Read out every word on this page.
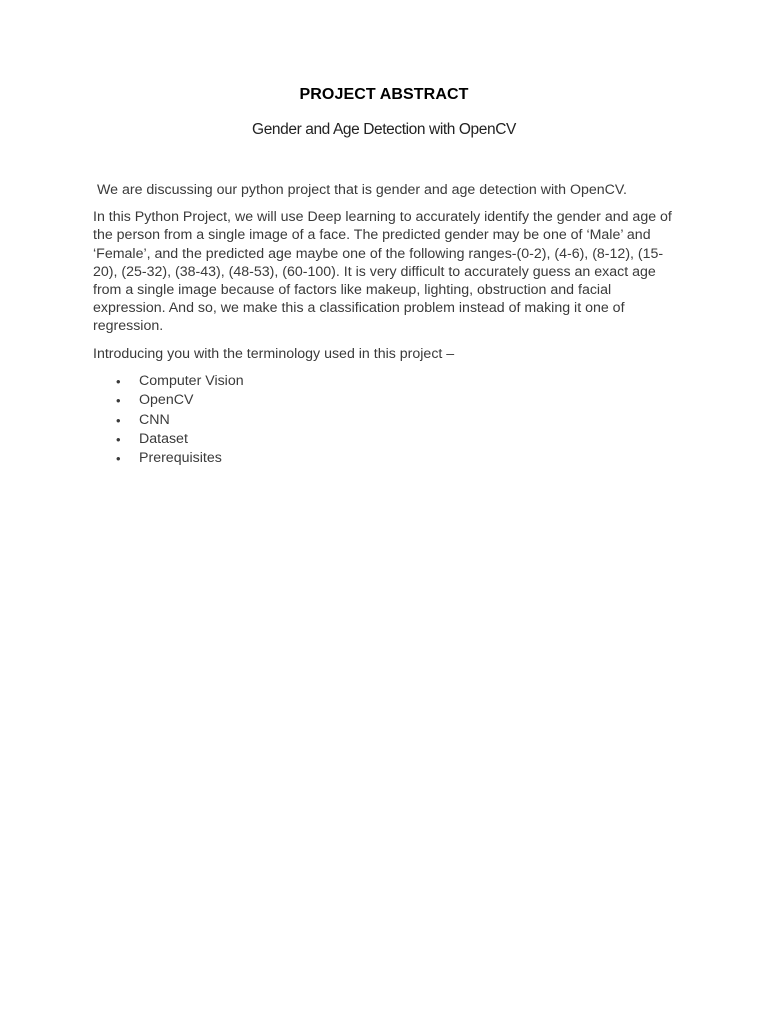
PROJECT ABSTRACT
Gender and Age Detection with OpenCV

We are discussing our python project that is gender and age detection with OpenCV.

In this Python Project, we will use Deep learning to accurately identify the gender and age of the person from a single image of a face. The predicted gender may be one of ‘Male’ and ‘Female’, and the predicted age maybe one of the following ranges-(0-2), (4-6), (8-12), (15-20), (25-32), (38-43), (48-53), (60-100). It is very difficult to accurately guess an exact age from a single image because of factors like makeup, lighting, obstruction and facial expression. And so, we make this a classification problem instead of making it one of regression.

Introducing you with the terminology used in this project –

• Computer Vision
• OpenCV
• CNN
• Dataset
• Prerequisites
